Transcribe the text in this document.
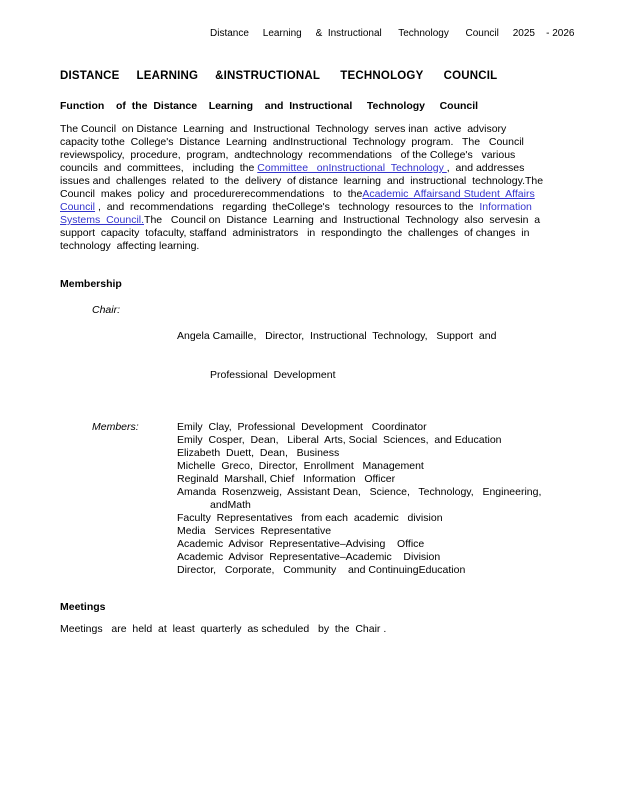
Distance     Learning     &  Instructional      Technology      Council     2025    - 2026
DISTANCE     LEARNING     &INSTRUCTIONAL      TECHNOLOGY      COUNCIL
Function    of  the  Distance    Learning    and  Instructional     Technology     Council
The Council  on Distance  Learning  and  Instructional  Technology  serves inan  active  advisory
capacity tothe  College's  Distance  Learning  andInstructional  Technology  program.   The   Council
reviewspolicy,  procedure,  program,  andtechnology  recommendations   of the College's   various
councils  and  committees,   including  the Committee   onInstructional  Technology ,  and addresses
issues and  challenges  related  to  the  delivery  of distance  learning  and  instructional  technology.The
Council  makes  policy  and  procedurerecommendations   to  theAcademic  Affairsand Student  Affairs
Council ,  and  recommendations   regarding  theCollege's   technology  resources to  the  Information
Systems  Council.The   Council on  Distance  Learning  and  Instructional  Technology  also  servesin  a
support  capacity  tofaculty, staffand  administrators   in  respondingto  the  challenges  of changes  in
technology  affecting learning.
Membership
Chair:

Angela Camaille,   Director,  Instructional  Technology,   Support  and

Professional  Development

Members:	Emily  Clay,  Professional  Development   Coordinator
Emily  Cosper,  Dean,   Liberal  Arts, Social  Sciences,  and Education
Elizabeth  Duett,  Dean,   Business
Michelle  Greco,  Director,  Enrollment   Management
Reginald  Marshall, Chief   Information   Officer
Amanda  Rosenzweig,  Assistant Dean,   Science,   Technology,   Engineering,
andMath
Faculty  Representatives   from each  academic   division
Media   Services  Representative
Academic  Advisor  Representative–Advising    Office
Academic  Advisor  Representative–Academic    Division
Director,   Corporate,   Community    and ContinuingEducation
Meetings
Meetings   are  held  at  least  quarterly  as scheduled   by  the  Chair .
